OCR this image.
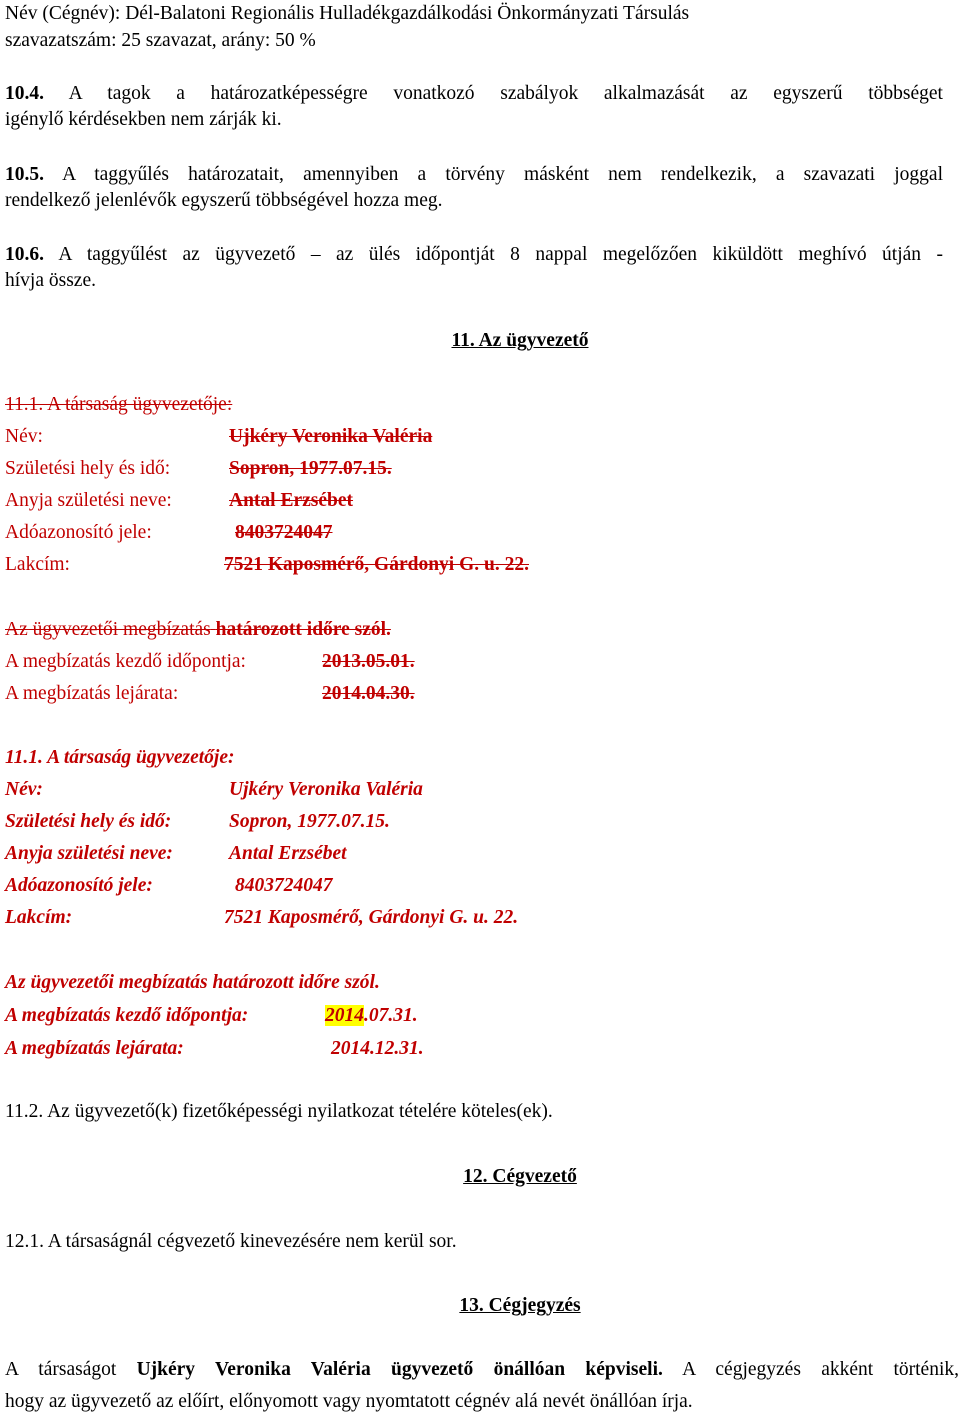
Név (Cégnév): Dél-Balatoni Regionális Hulladékgazdálkodási Önkormányzati Társulás
szavazatszám: 25 szavazat, arány: 50 %
10.4. A tagok a határozatképességre vonatkozó szabályok alkalmazását az egyszerű többséget
igénylő kérdésekben nem zárják ki.
10.5. A taggyűlés határozatait, amennyiben a törvény másként nem rendelkezik, a szavazati joggal
rendelkező jelenlévők egyszerű többségével hozza meg.
10.6. A taggyűlést az ügyvezető – az ülés időpontját 8 nappal megelőzően kiküldött meghívó útján -
hívja össze.
11. Az ügyvezető
11.1. A társaság ügyvezetője:
Név:	Ujkéry Veronika Valéria
Születési hely és idő:	Sopron, 1977.07.15.
Anyja születési neve:	Antal Erzsébet
Adóazonosító jele:	8403724047
Lakcím:	7521 Kaposmérő, Gárdonyi G. u. 22.
Az ügyvezetői megbízatás határozott időre szól.
A megbízatás kezdő időpontja:	2013.05.01.
A megbízatás lejárata:	2014.04.30.
11.1. A társaság ügyvezetője:
Név:	Ujkéry Veronika Valéria
Születési hely és idő:	Sopron, 1977.07.15.
Anyja születési neve:	Antal Erzsébet
Adóazonosító jele:	8403724047
Lakcím:	7521 Kaposmérő, Gárdonyi G. u. 22.
Az ügyvezetői megbízatás határozott időre szól.
A megbízatás kezdő időpontja:	2014.07.31.
A megbízatás lejárata:	2014.12.31.
11.2. Az ügyvezető(k) fizetőképességi nyilatkozat tételére köteles(ek).
12. Cégvezető
12.1. A társaságnál cégvezető kinevezésére nem kerül sor.
13. Cégjegyzés
A társaságot Ujkéry Veronika Valéria ügyvezető önállóan képviseli. A cégjegyzés akként történik,
hogy az ügyvezető az előírt, előnyomott vagy nyomtatott cégnév alá nevét önállóan írja.
